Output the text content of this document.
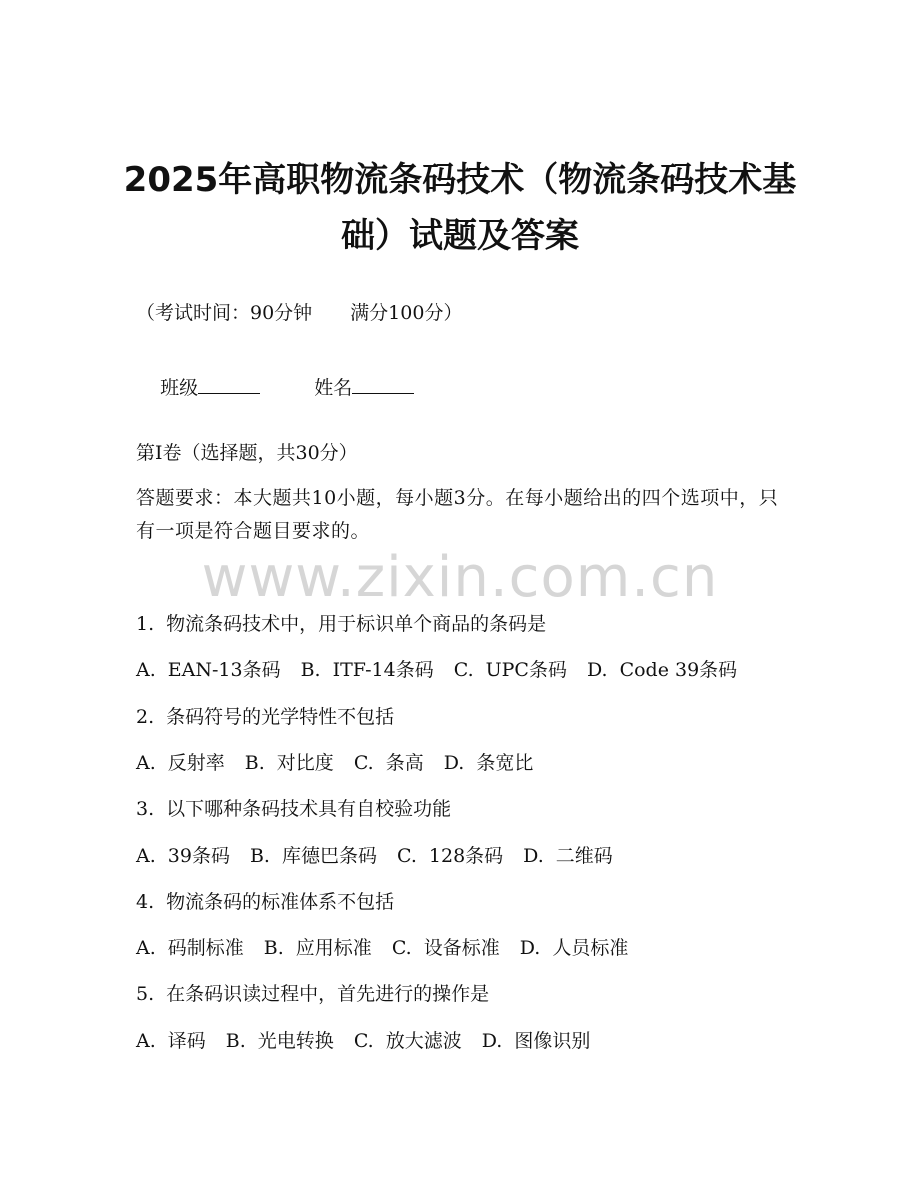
2025年高职物流条码技术（物流条码技术基础）试题及答案
（考试时间：90分钟　　满分100分）

班级	姓名

第I卷（选择题，共30分）
答题要求：本大题共10小题，每小题3分。在每小题给出的四个选项中，只有一项是符合题目要求的。
www.zixin.com.cn
1. 物流条码技术中，用于标识单个商品的条码是
A. EAN-13条码 B. ITF-14条码 C. UPC条码 D. Code 39条码
2. 条码符号的光学特性不包括
A. 反射率 B. 对比度 C. 条高 D. 条宽比
3. 以下哪种条码技术具有自校验功能
A. 39条码 B. 库德巴条码 C. 128条码 D. 二维码
4. 物流条码的标准体系不包括
A. 码制标准 B. 应用标准 C. 设备标准 D. 人员标准
5. 在条码识读过程中，首先进行的操作是
A. 译码 B. 光电转换 C. 放大滤波 D. 图像识别
